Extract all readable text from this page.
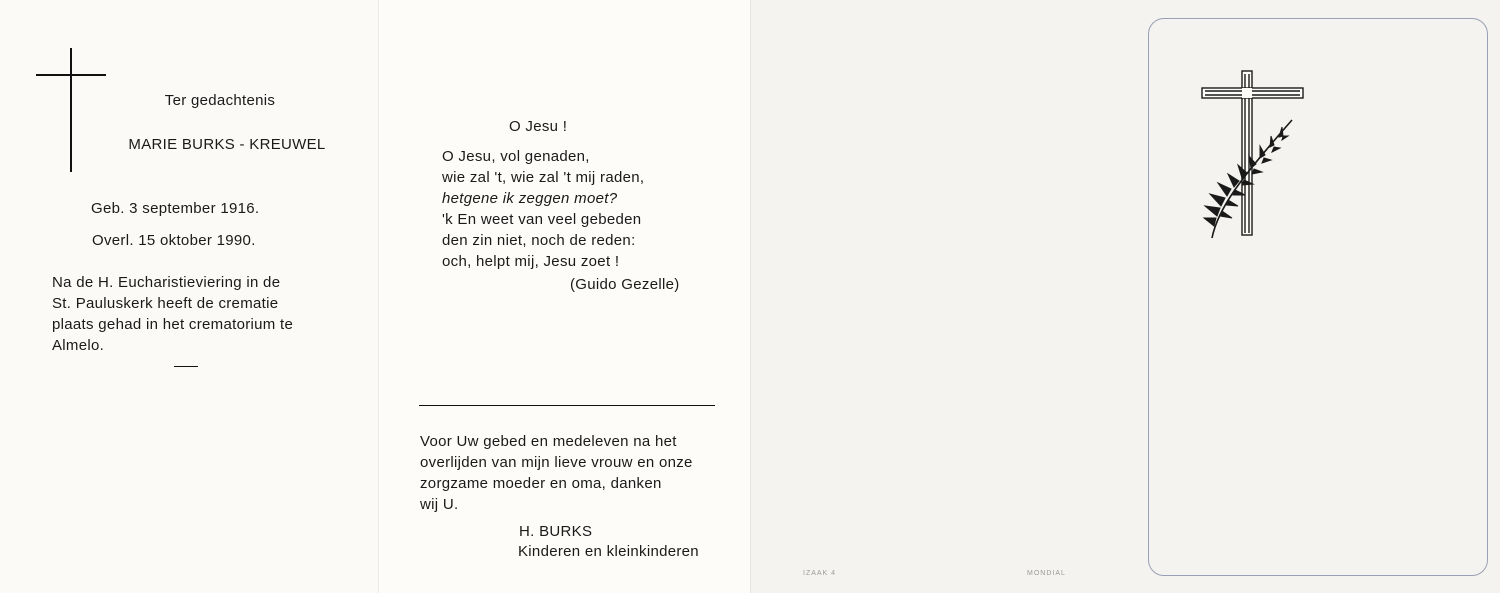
Ter gedachtenis
MARIE BURKS - KREUWEL
Geb. 3 september 1916.
Overl. 15 oktober 1990.
Na de H. Eucharistieviering in de
St. Pauluskerk heeft de crematie
plaats gehad in het crematorium te
Almelo.
O Jesu !
O Jesu, vol genaden,
wie zal 't, wie zal 't mij raden,
hetgene ik zeggen moet?
'k En weet van veel gebeden
den zin niet, noch de reden:
och, helpt mij, Jesu zoet !
(Guido Gezelle)
Voor Uw gebed en medeleven na het
overlijden van mijn lieve vrouw en onze
zorgzame moeder en oma, danken
wij U.
H. BURKS
Kinderen en kleinkinderen
IZAAK 4	MONDIAL
